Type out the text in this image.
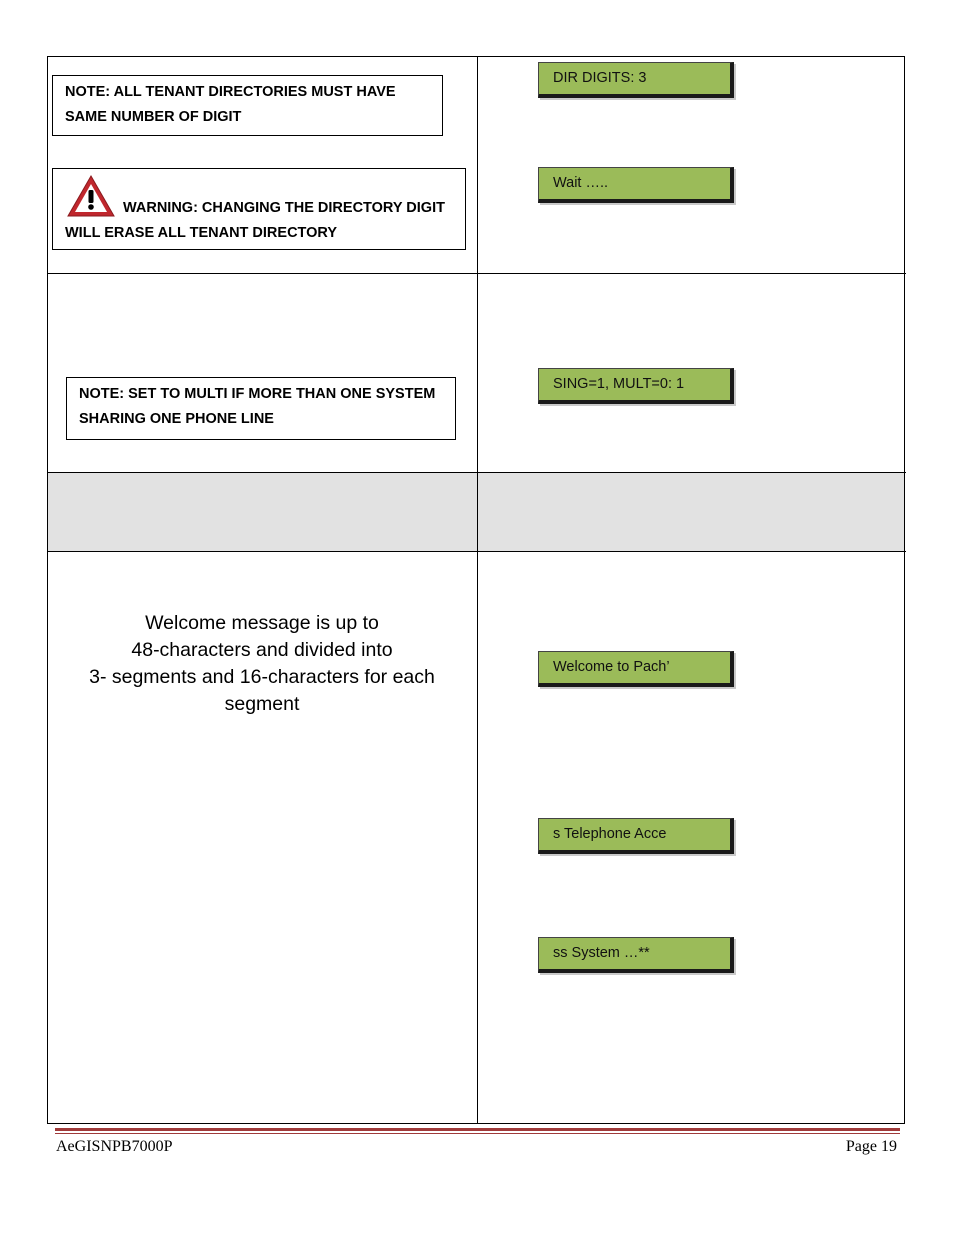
NOTE: ALL TENANT DIRECTORIES MUST HAVE SAME NUMBER OF DIGIT
WARNING: CHANGING THE DIRECTORY DIGIT WILL ERASE ALL TENANT DIRECTORY
NOTE: SET TO MULTI IF MORE THAN ONE SYSTEM SHARING ONE PHONE LINE
Welcome message is up to
48-characters and divided into
3- segments and 16-characters for each
segment
DIR DIGITS: 3
Wait …..
SING=1, MULT=0: 1
Welcome to Pach’
s Telephone Acce
ss System …**
AeGISNPB7000P	Page 19
